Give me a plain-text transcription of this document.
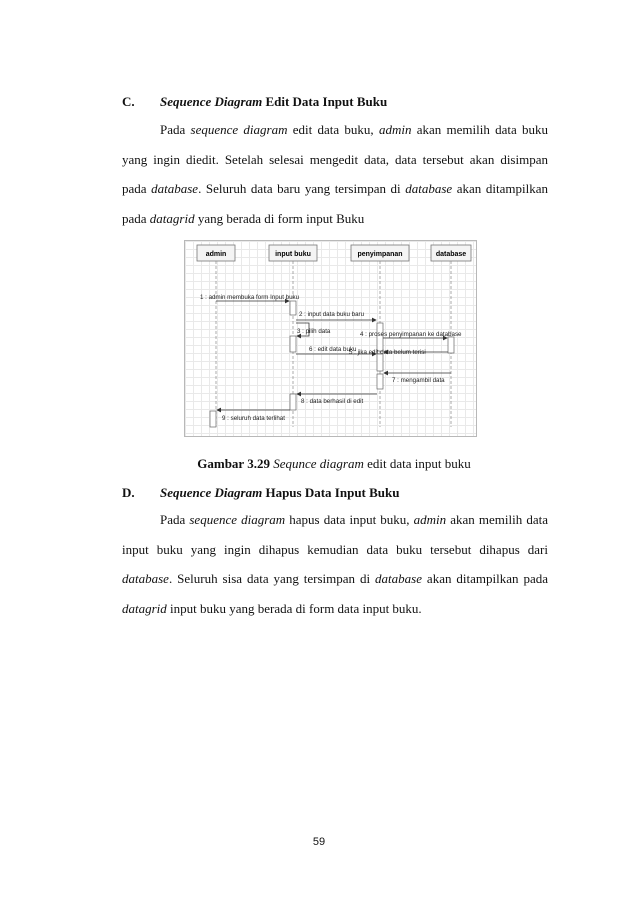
C. Sequence Diagram Edit Data Input Buku

Pada sequence diagram edit data buku, admin akan memilih data buku yang ingin diedit. Setelah selesai mengedit data, data tersebut akan disimpan pada database. Seluruh data baru yang tersimpan di database akan ditampilkan pada datagrid yang berada di form input Buku

admin	input buku	penyimpanan	database
1 : admin membuka form Input buku
2 : input data buku baru
3 : pilih data	4 : proses penyimpanan ke database
6 : edit data buku
5 : jika edit data belum terisi
7 : mengambil data
8 : data berhasil di edit
9 : seluruh data terlihat
Gambar 3.29 Sequnce diagram edit data input buku
D. Sequence Diagram Hapus Data Input Buku

Pada sequence diagram hapus data input buku, admin akan memilih data input buku yang ingin dihapus kemudian data buku tersebut dihapus dari database. Seluruh sisa data yang tersimpan di database akan ditampilkan pada datagrid input buku yang berada di form data input buku.

59
